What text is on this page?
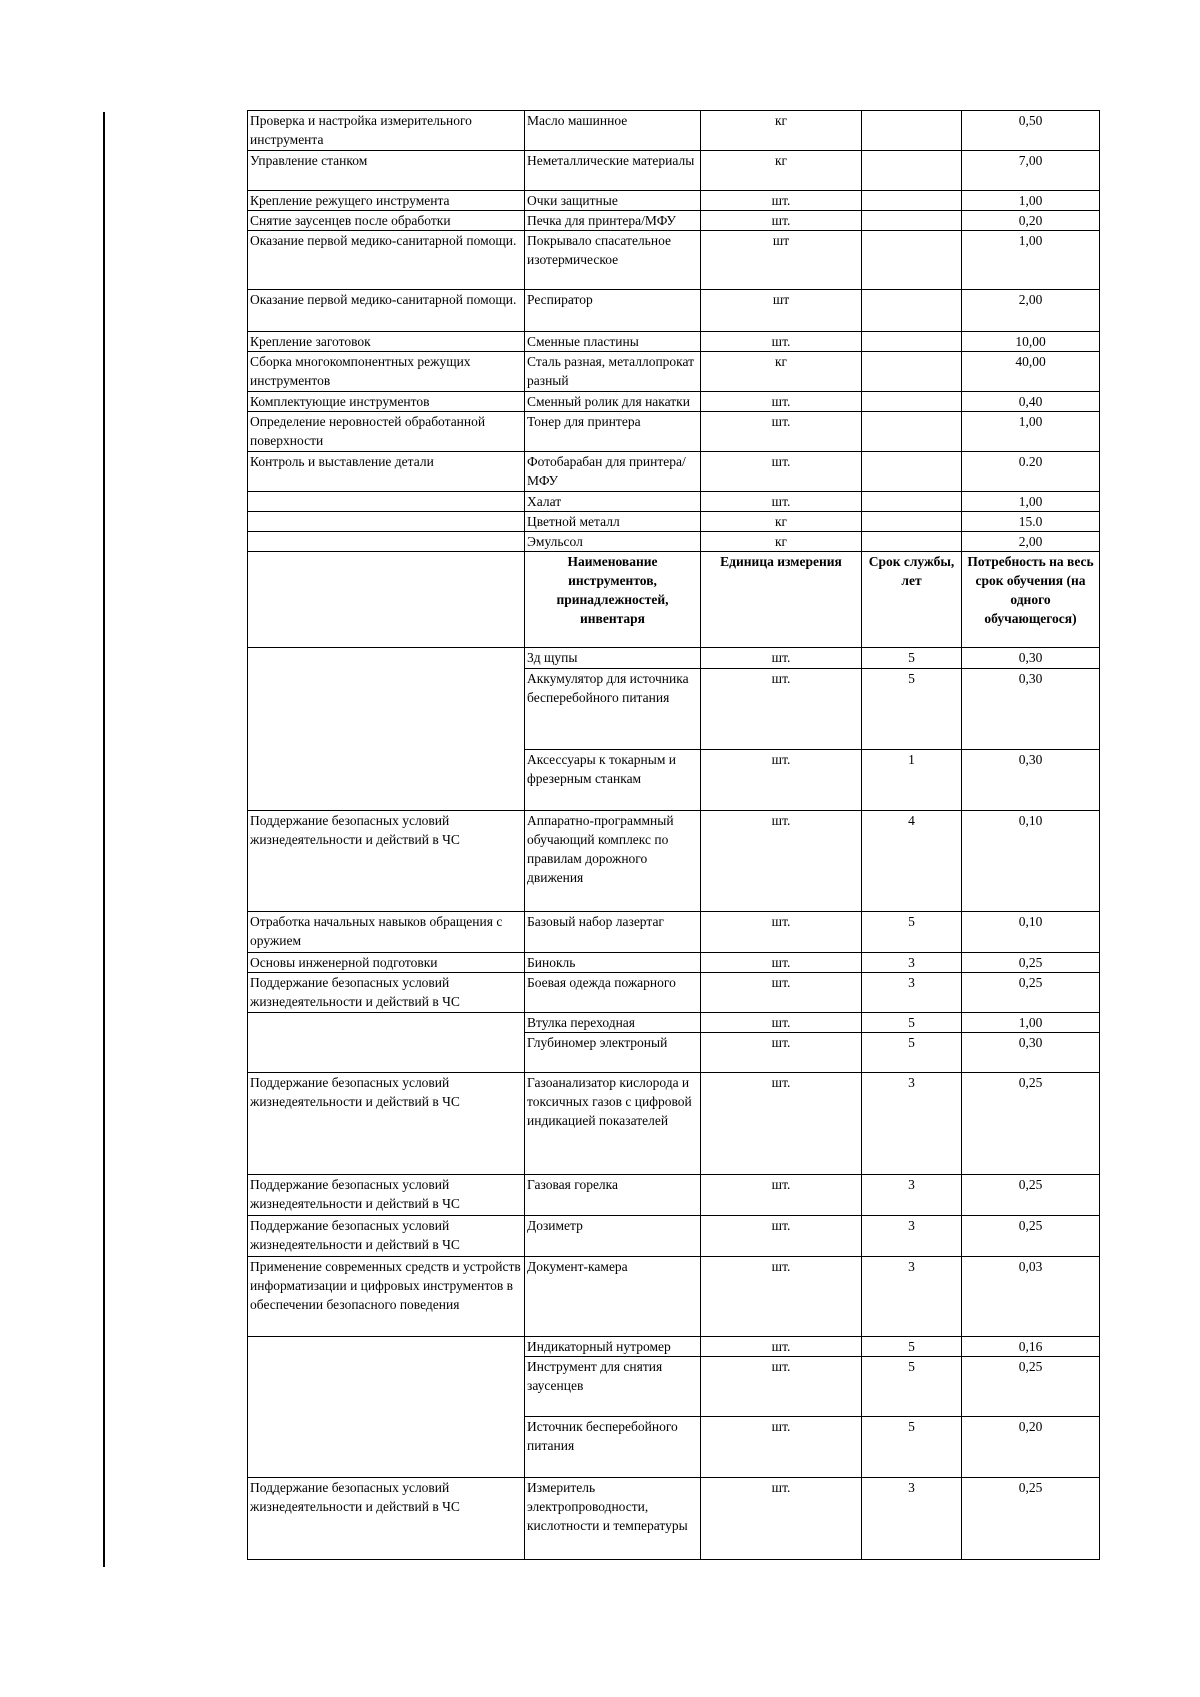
Проверка и настройка измерительного инструмента	Масло машинное	кг		0,50
Управление станком	Неметаллические материалы	кг		7,00
Крепление режущего инструмента	Очки защитные	шт.		1,00
Снятие заусенцев после обработки	Печка для принтера/МФУ	шт.		0,20
Оказание первой медико-санитарной помощи.	Покрывало спасательное изотермическое	шт		1,00
Оказание первой медико-санитарной помощи.	Респиратор	шт		2,00
Крепление заготовок	Сменные пластины	шт.		10,00
Сборка многокомпонентных режущих инструментов	Сталь разная, металлопрокат разный	кг		40,00
Комплектующие инструментов	Сменный ролик для накатки	шт.		0,40
Определение неровностей обработанной поверхности	Тонер для принтера	шт.		1,00
Контроль и выставление детали	Фотобарабан для принтера/ МФУ	шт.		0.20
	Халат	шт.		1,00
	Цветной металл	кг		15.0
	Эмульсол	кг		2,00
	Наименование инструментов, принадлежностей, инвентаря	Единица измерения	Срок службы, лет	Потребность на весь срок обучения (на одного обучающегося)
	3д щупы	шт.	5	0,30
	Аккумулятор для источника бесперебойного питания	шт.	5	0,30
	Аксессуары к токарным и фрезерным станкам	шт.	1	0,30
Поддержание безопасных условий жизнедеятельности и действий в ЧС	Аппаратно-программный обучающий комплекс по правилам дорожного движения	шт.	4	0,10
Отработка начальных навыков обращения с оружием	Базовый набор лазертаг	шт.	5	0,10
Основы инженерной подготовки	Бинокль	шт.	3	0,25
Поддержание безопасных условий жизнедеятельности и действий в ЧС	Боевая одежда пожарного	шт.	3	0,25
	Втулка переходная	шт.	5	1,00
	Глубиномер электроный	шт.	5	0,30
Поддержание безопасных условий жизнедеятельности и действий в ЧС	Газоанализатор кислорода и токсичных газов с цифровой индикацией показателей	шт.	3	0,25
Поддержание безопасных условий жизнедеятельности и действий в ЧС	Газовая горелка	шт.	3	0,25
Поддержание безопасных условий жизнедеятельности и действий в ЧС	Дозиметр	шт.	3	0,25
Применение современных средств и устройств информатизации и цифровых инструментов в обеспечении безопасного поведения	Документ-камера	шт.	3	0,03
	Индикаторный нутромер	шт.	5	0,16
	Инструмент для снятия заусенцев	шт.	5	0,25
	Источник бесперебойного питания	шт.	5	0,20
Поддержание безопасных условий жизнедеятельности и действий в ЧС	Измеритель электропроводности, кислотности и температуры	шт.	3	0,25
